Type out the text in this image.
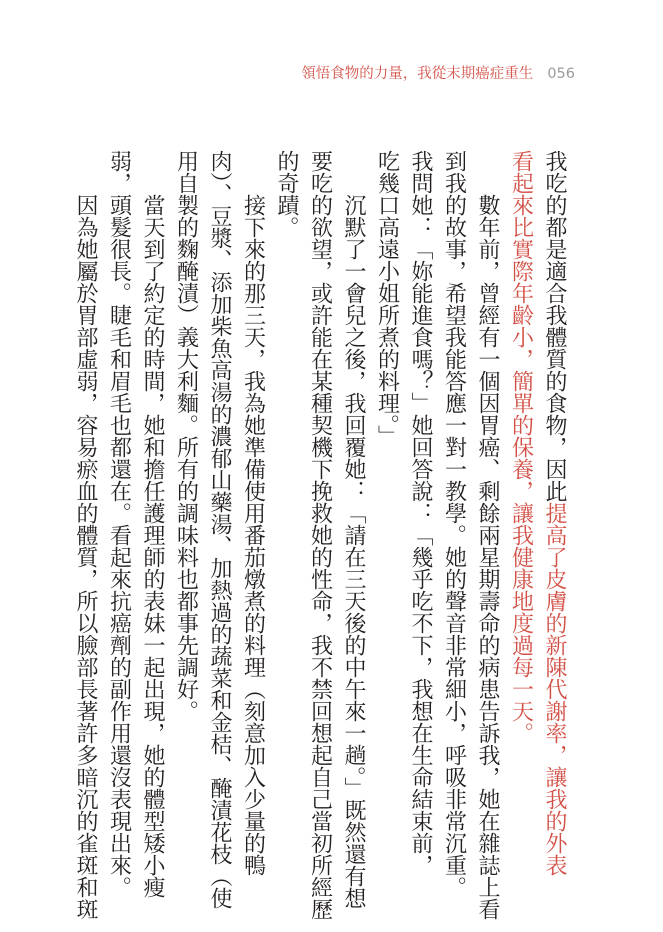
領悟食物的力量，我從末期癌症重生 056

我吃的都是適合我體質的食物，因此提高了皮膚的新陳代謝率，讓我的外表

看起來比實際年齡小，簡單的保養，讓我健康地度過每一天。

數年前，曾經有一個因胃癌、剩餘兩星期壽命的病患告訴我，她在雜誌上看

到我的故事，希望我能答應一對一教學。她的聲音非常細小，呼吸非常沉重。

我問她：「妳能進食嗎？」她回答說：「幾乎吃不下，我想在生命結束前，

吃幾口高遠小姐所煮的料理。」

沉默了一會兒之後，我回覆她：「請在三天後的中午來一趟。」既然還有想

要吃的欲望，或許能在某種契機下挽救她的性命，我不禁回想起自己當初所經歷

的奇蹟。

接下來的那三天，我為她準備使用番茄燉煮的料理（刻意加入少量的鴨

肉）、豆漿、添加柴魚高湯的濃郁山藥湯、加熱過的蔬菜和金桔、醃漬花枝（使

用自製的麴醃漬）義大利麵。所有的調味料也都事先調好。

當天到了約定的時間，她和擔任護理師的表妹一起出現，她的體型矮小瘦

弱，頭髮很長。睫毛和眉毛也都還在。看起來抗癌劑的副作用還沒表現出來。

因為她屬於胃部虛弱，容易瘀血的體質，所以臉部長著許多暗沉的雀斑和斑
